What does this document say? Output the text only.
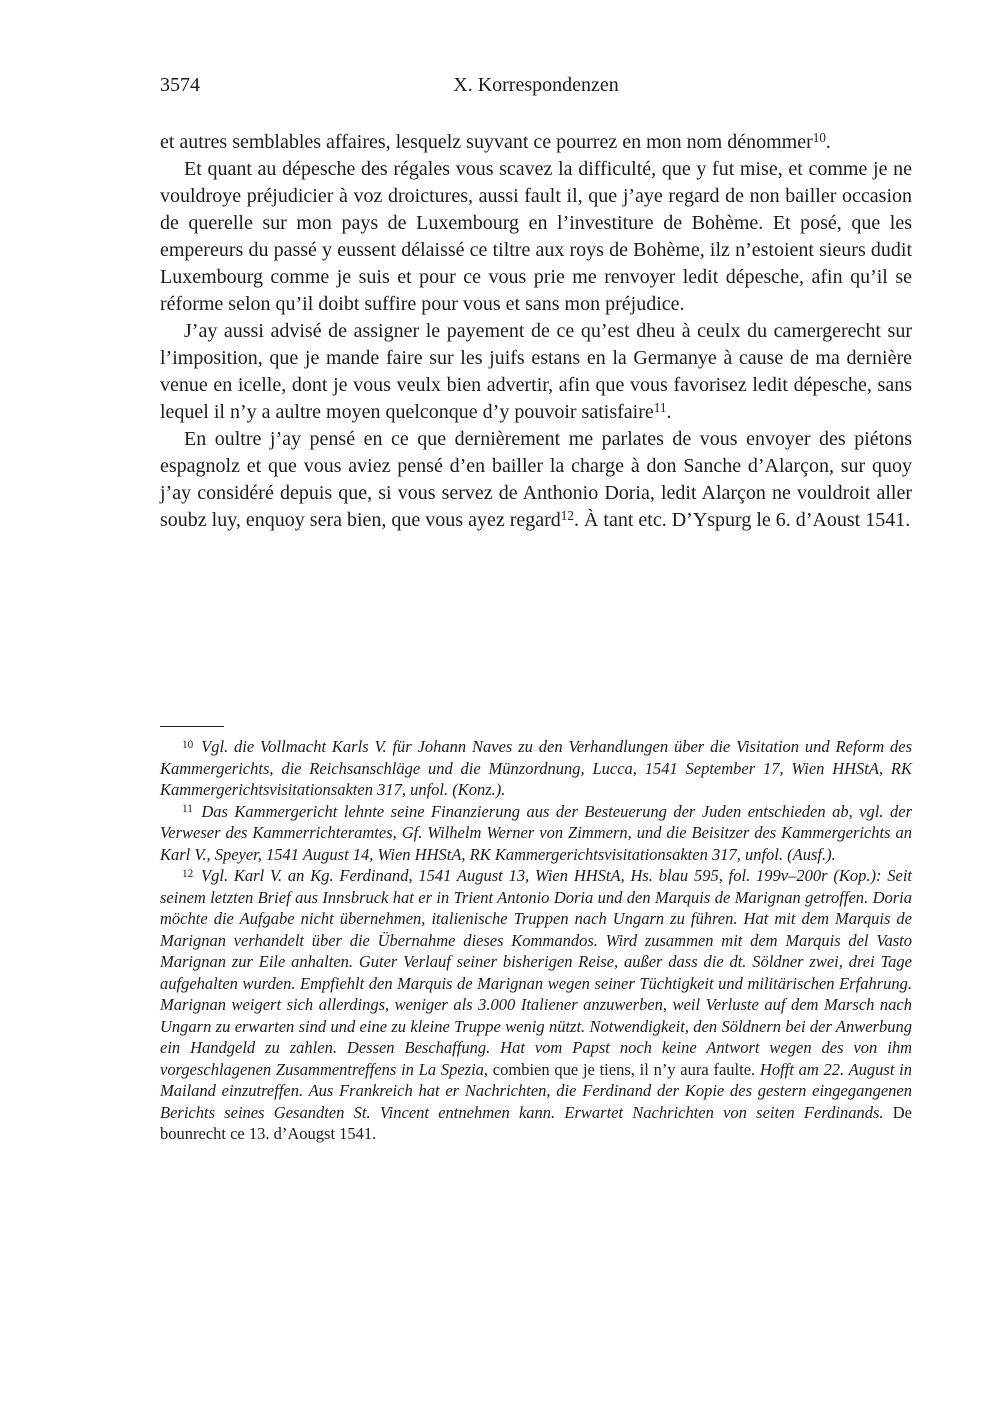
3574	X. Korrespondenzen

et autres semblables affaires, lesquelz suyvant ce pourrez en mon nom dénommer$^{10}$.

Et quant au dépesche des régales vous scavez la difficulté, que y fut mise, et comme je ne vouldroye préjudicier à voz droictures, aussi fault il, que j’aye regard de non bailler occasion de querelle sur mon pays de Luxembourg en l’investiture de Bohème. Et posé, que les empereurs du passé y eussent délaissé ce tiltre aux roys de Bohème, ilz n’estoient sieurs dudit Luxembourg comme je suis et pour ce vous prie me renvoyer ledit dépesche, afin qu’il se réforme selon qu’il doibt suffire pour vous et sans mon préjudice.

J’ay aussi advisé de assigner le payement de ce qu’est dheu à ceulx du camergerecht sur l’imposition, que je mande faire sur les juifs estans en la Germanye à cause de ma dernière venue en icelle, dont je vous veulx bien advertir, afin que vous favorisez ledit dépesche, sans lequel il n’y a aultre moyen quelconque d’y pouvoir satisfaire$^{11}$.

En oultre j’ay pensé en ce que dernièrement me parlates de vous envoyer des piétons espagnolz et que vous aviez pensé d’en bailler la charge à don Sanche d’Alarçon, sur quoy j’ay considéré depuis que, si vous servez de Anthonio Doria, ledit Alarçon ne vouldroit aller soubz luy, enquoy sera bien, que vous ayez regard$^{12}$. À tant etc. D’Yspurg le 6. d’Aoust 1541.

$^{10}$ Vgl. die Vollmacht Karls V. für Johann Naves zu den Verhandlungen über die Visitation und Reform des Kammergerichts, die Reichsanschläge und die Münzordnung, Lucca, 1541 September 17, Wien HHStA, RK Kammergerichtsvisitationsakten 317, unfol. (Konz.).

$^{11}$ Das Kammergericht lehnte seine Finanzierung aus der Besteuerung der Juden entschieden ab, vgl. der Verweser des Kammerrichteramtes, Gf. Wilhelm Werner von Zimmern, und die Beisitzer des Kammergerichts an Karl V., Speyer, 1541 August 14, Wien HHStA, RK Kammergerichtsvisitationsakten 317, unfol. (Ausf.).

$^{12}$ Vgl. Karl V. an Kg. Ferdinand, 1541 August 13, Wien HHStA, Hs. blau 595, fol. 199v–200r (Kop.): Seit seinem letzten Brief aus Innsbruck hat er in Trient Antonio Doria und den Marquis de Marignan getroffen. Doria möchte die Aufgabe nicht übernehmen, italienische Truppen nach Ungarn zu führen. Hat mit dem Marquis de Marignan verhandelt über die Übernahme dieses Kommandos. Wird zusammen mit dem Marquis del Vasto Marignan zur Eile anhalten. Guter Verlauf seiner bisherigen Reise, außer dass die dt. Söldner zwei, drei Tage aufgehalten wurden. Empfiehlt den Marquis de Marignan wegen seiner Tüchtigkeit und militärischen Erfahrung. Marignan weigert sich allerdings, weniger als 3.000 Italiener anzuwerben, weil Verluste auf dem Marsch nach Ungarn zu erwarten sind und eine zu kleine Truppe wenig nützt. Notwendigkeit, den Söldnern bei der Anwerbung ein Handgeld zu zahlen. Dessen Beschaffung. Hat vom Papst noch keine Antwort wegen des von ihm vorgeschlagenen Zusammentreffens in La Spezia, combien que je tiens, il n’y aura faulte. Hofft am 22. August in Mailand einzutreffen. Aus Frankreich hat er Nachrichten, die Ferdinand der Kopie des gestern eingegangenen Berichts seines Gesandten St. Vincent entnehmen kann. Erwartet Nachrichten von seiten Ferdinands. De bounrecht ce 13. d’Aougst 1541.
